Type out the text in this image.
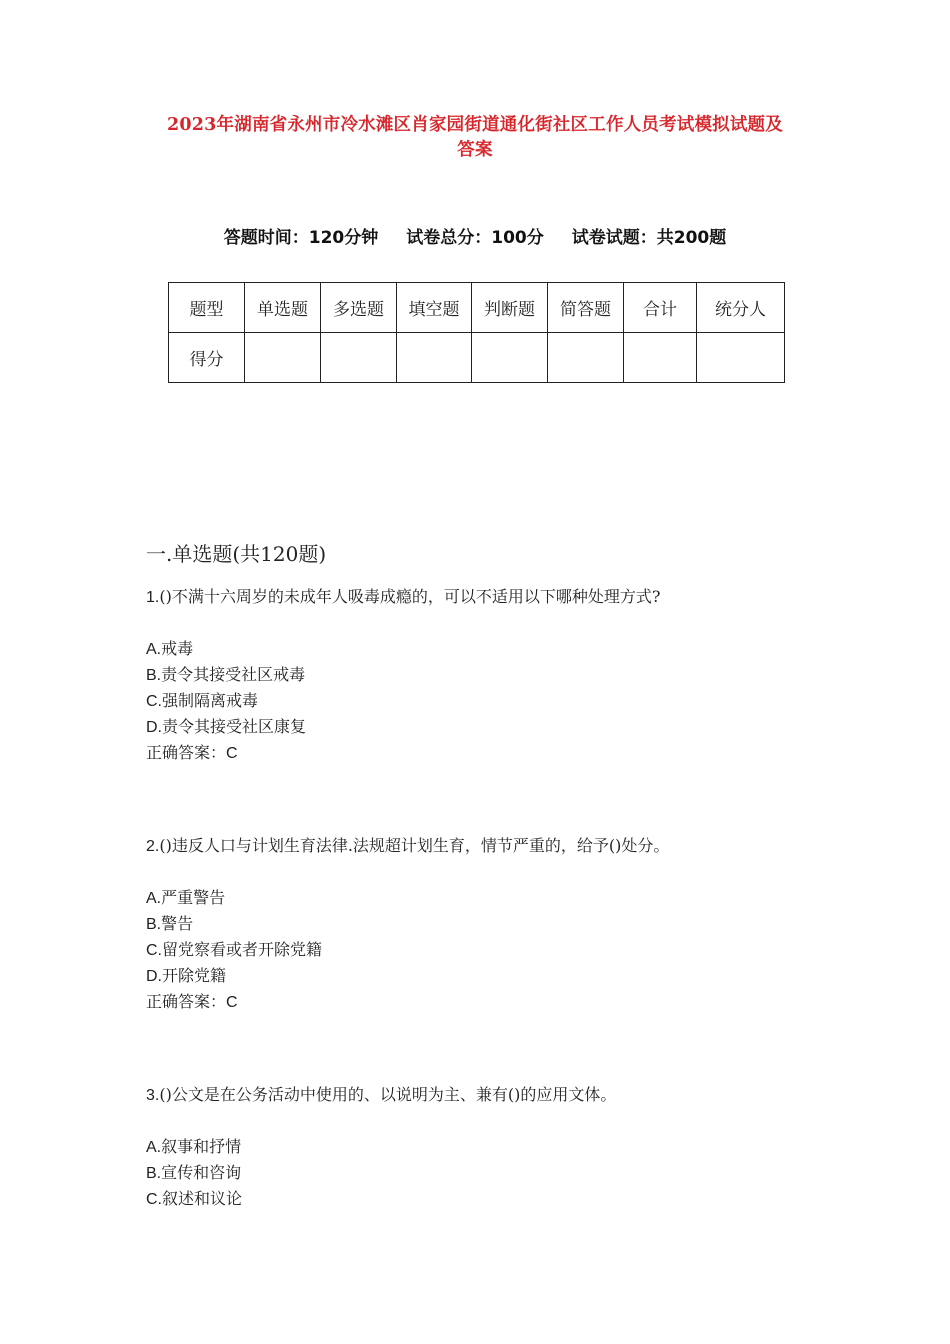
2023年湖南省永州市冷水滩区肖家园街道通化街社区工作人员考试模拟试题及
答案
答题时间：120分钟 试卷总分：100分 试卷试题：共200题
题型	单选题	多选题	填空题	判断题	简答题	合计	统分人
得分							
一.单选题(共120题)
1.()不满十六周岁的未成年人吸毒成瘾的，可以不适用以下哪种处理方式?
A.戒毒
B.责令其接受社区戒毒
C.强制隔离戒毒
D.责令其接受社区康复
正确答案：C
2.()违反人口与计划生育法律.法规超计划生育，情节严重的，给予()处分。
A.严重警告
B.警告
C.留党察看或者开除党籍
D.开除党籍
正确答案：C
3.()公文是在公务活动中使用的、以说明为主、兼有()的应用文体。
A.叙事和抒情
B.宣传和咨询
C.叙述和议论
